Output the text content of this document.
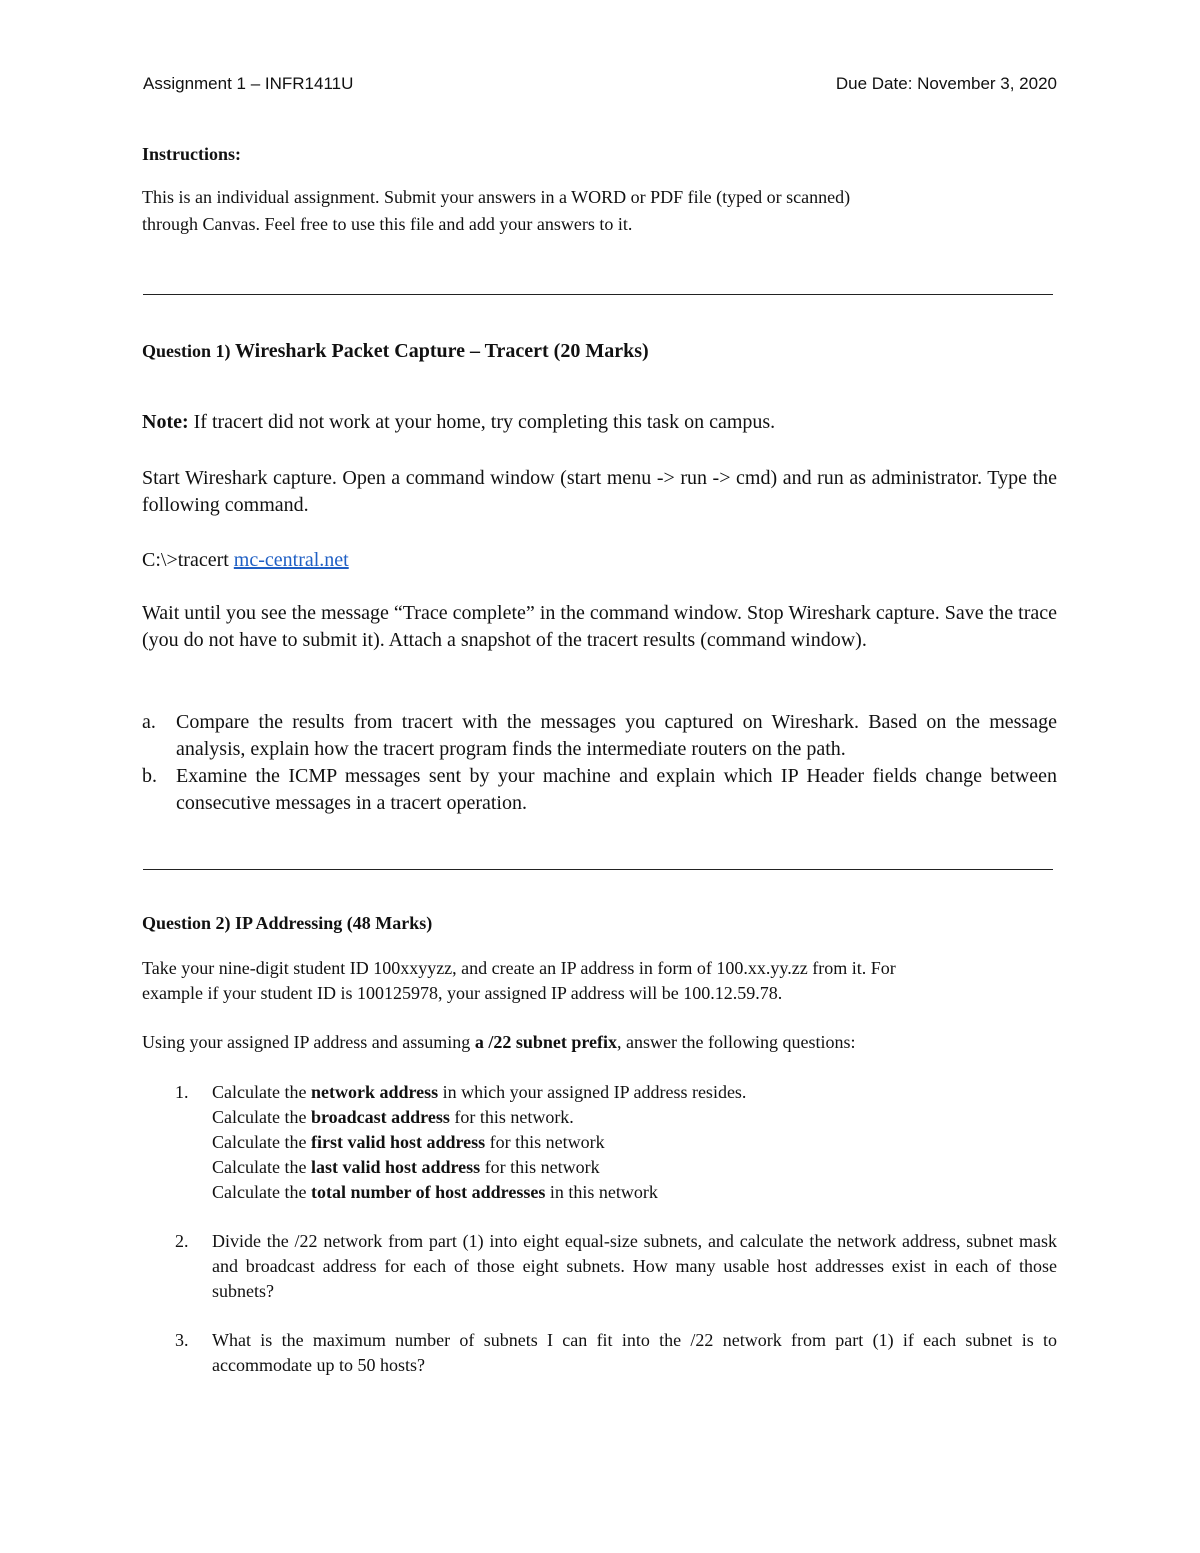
Assignment 1 – INFR1411U	Due Date: November 3, 2020
Instructions:
This is an individual assignment. Submit your answers in a WORD or PDF file (typed or scanned)
through Canvas. Feel free to use this file and add your answers to it.
Question 1) Wireshark Packet Capture – Tracert (20 Marks)
Note: If tracert did not work at your home, try completing this task on campus.
Start Wireshark capture. Open a command window (start menu -> run -> cmd) and run as administrator. Type the following command.
C:\>tracert mc-central.net
Wait until you see the message “Trace complete” in the command window. Stop Wireshark capture. Save the trace (you do not have to submit it). Attach a snapshot of the tracert results (command window).
a. Compare the results from tracert with the messages you captured on Wireshark. Based on the message analysis, explain how the tracert program finds the intermediate routers on the path.
b. Examine the ICMP messages sent by your machine and explain which IP Header fields change between consecutive messages in a tracert operation.
Question 2) IP Addressing (48 Marks)
Take your nine-digit student ID 100xxyyzz, and create an IP address in form of 100.xx.yy.zz from it. For
example if your student ID is 100125978, your assigned IP address will be 100.12.59.78.
Using your assigned IP address and assuming a /22 subnet prefix, answer the following questions:
1. Calculate the network address in which your assigned IP address resides.
Calculate the broadcast address for this network.
Calculate the first valid host address for this network
Calculate the last valid host address for this network
Calculate the total number of host addresses in this network
2. Divide the /22 network from part (1) into eight equal-size subnets, and calculate the network address, subnet mask and broadcast address for each of those eight subnets. How many usable host addresses exist in each of those subnets?
3. What is the maximum number of subnets I can fit into the /22 network from part (1) if each subnet is to accommodate up to 50 hosts?
